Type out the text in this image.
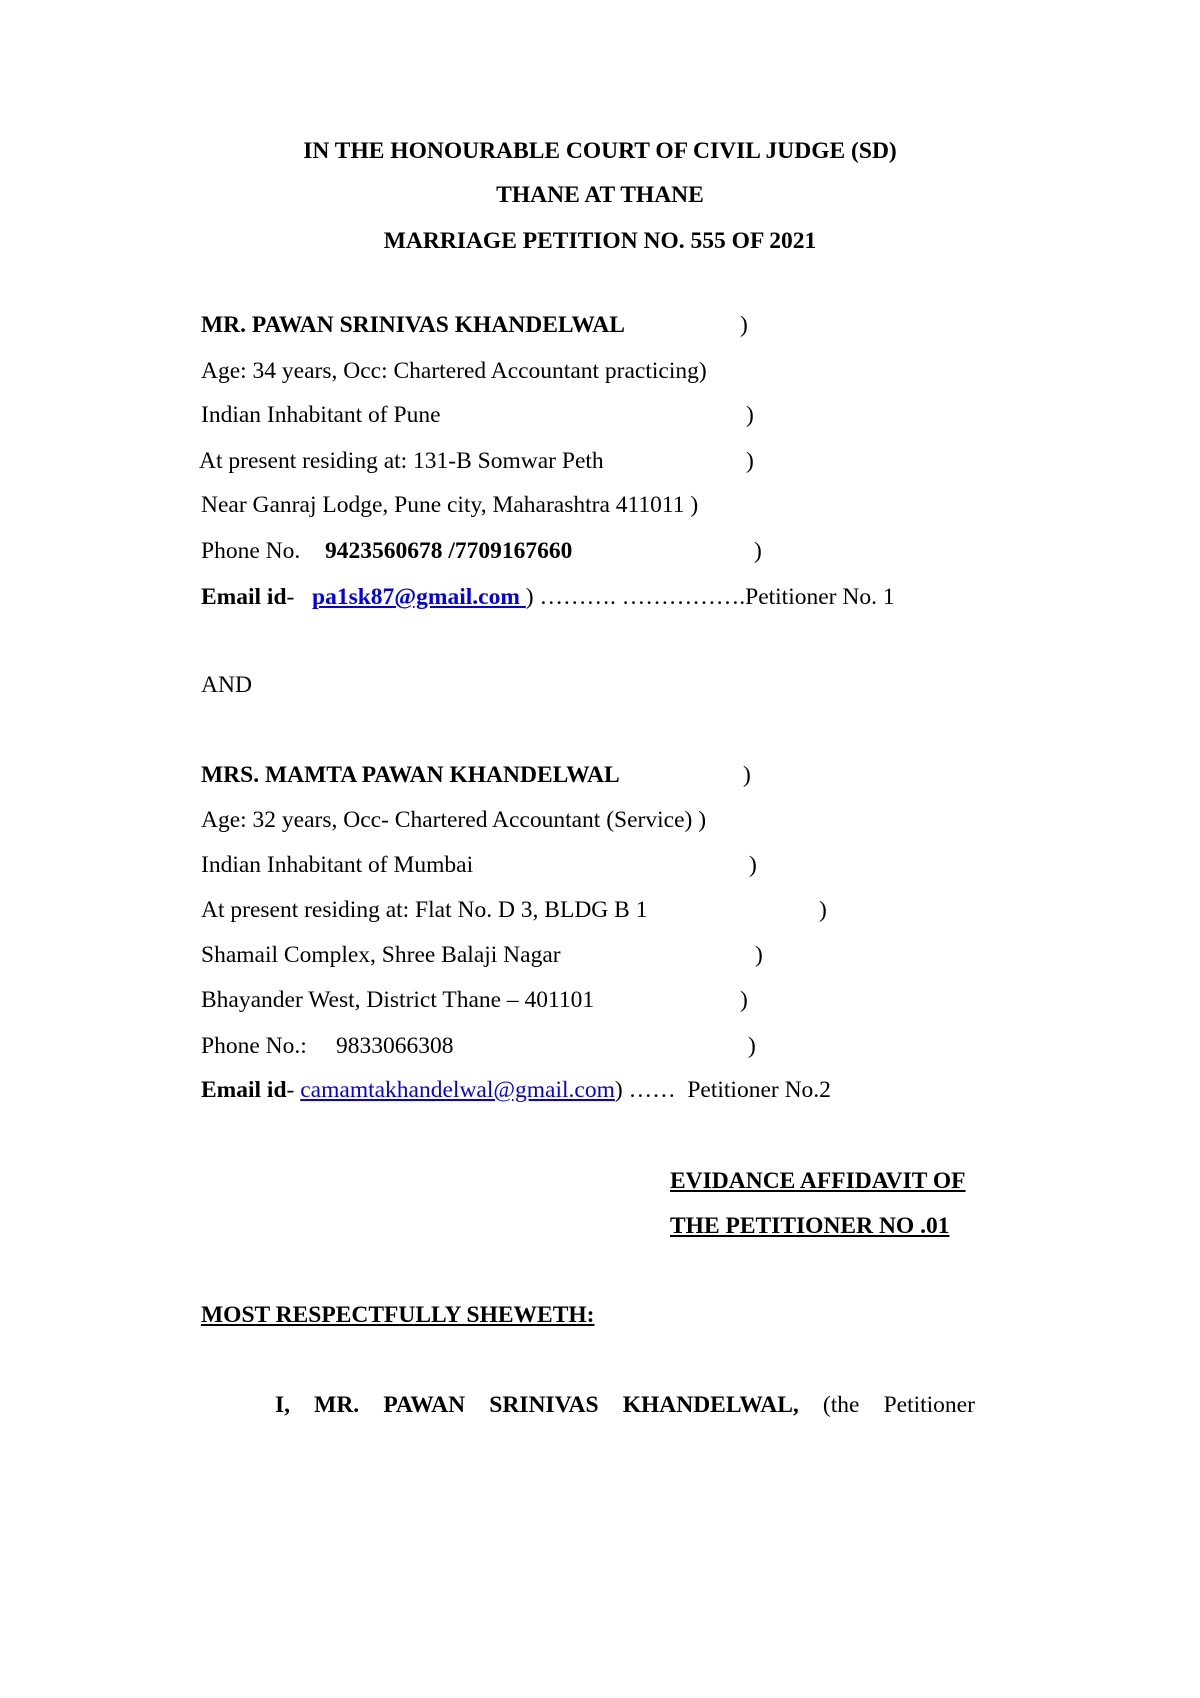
IN THE HONOURABLE COURT OF CIVIL JUDGE (SD)
THANE AT THANE
MARRIAGE PETITION NO. 555 OF 2021
MR. PAWAN SRINIVAS KHANDELWAL	)
Age: 34 years, Occ: Chartered Accountant practicing)
Indian Inhabitant of Pune	)
At present residing at: 131-B Somwar Peth	)
Near Ganraj Lodge, Pune city, Maharashtra 411011 )
Phone No. 9423560678 /7709167660	)
Email id- pa1sk87@gmail.com ) ………. …………….Petitioner No. 1
AND
MRS. MAMTA PAWAN KHANDELWAL	)
Age: 32 years, Occ- Chartered Accountant (Service) )
Indian Inhabitant of Mumbai	)
At present residing at: Flat No. D 3, BLDG B 1	)
Shamail Complex, Shree Balaji Nagar	)
Bhayander West, District Thane – 401101	)
Phone No.: 9833066308	)
Email id- camamtakhandelwal@gmail.com) ……  Petitioner No.2
EVIDANCE AFFIDAVIT OF
THE PETITIONER NO .01
MOST RESPECTFULLY SHEWETH:
I, MR. PAWAN SRINIVAS KHANDELWAL, (the Petitioner
